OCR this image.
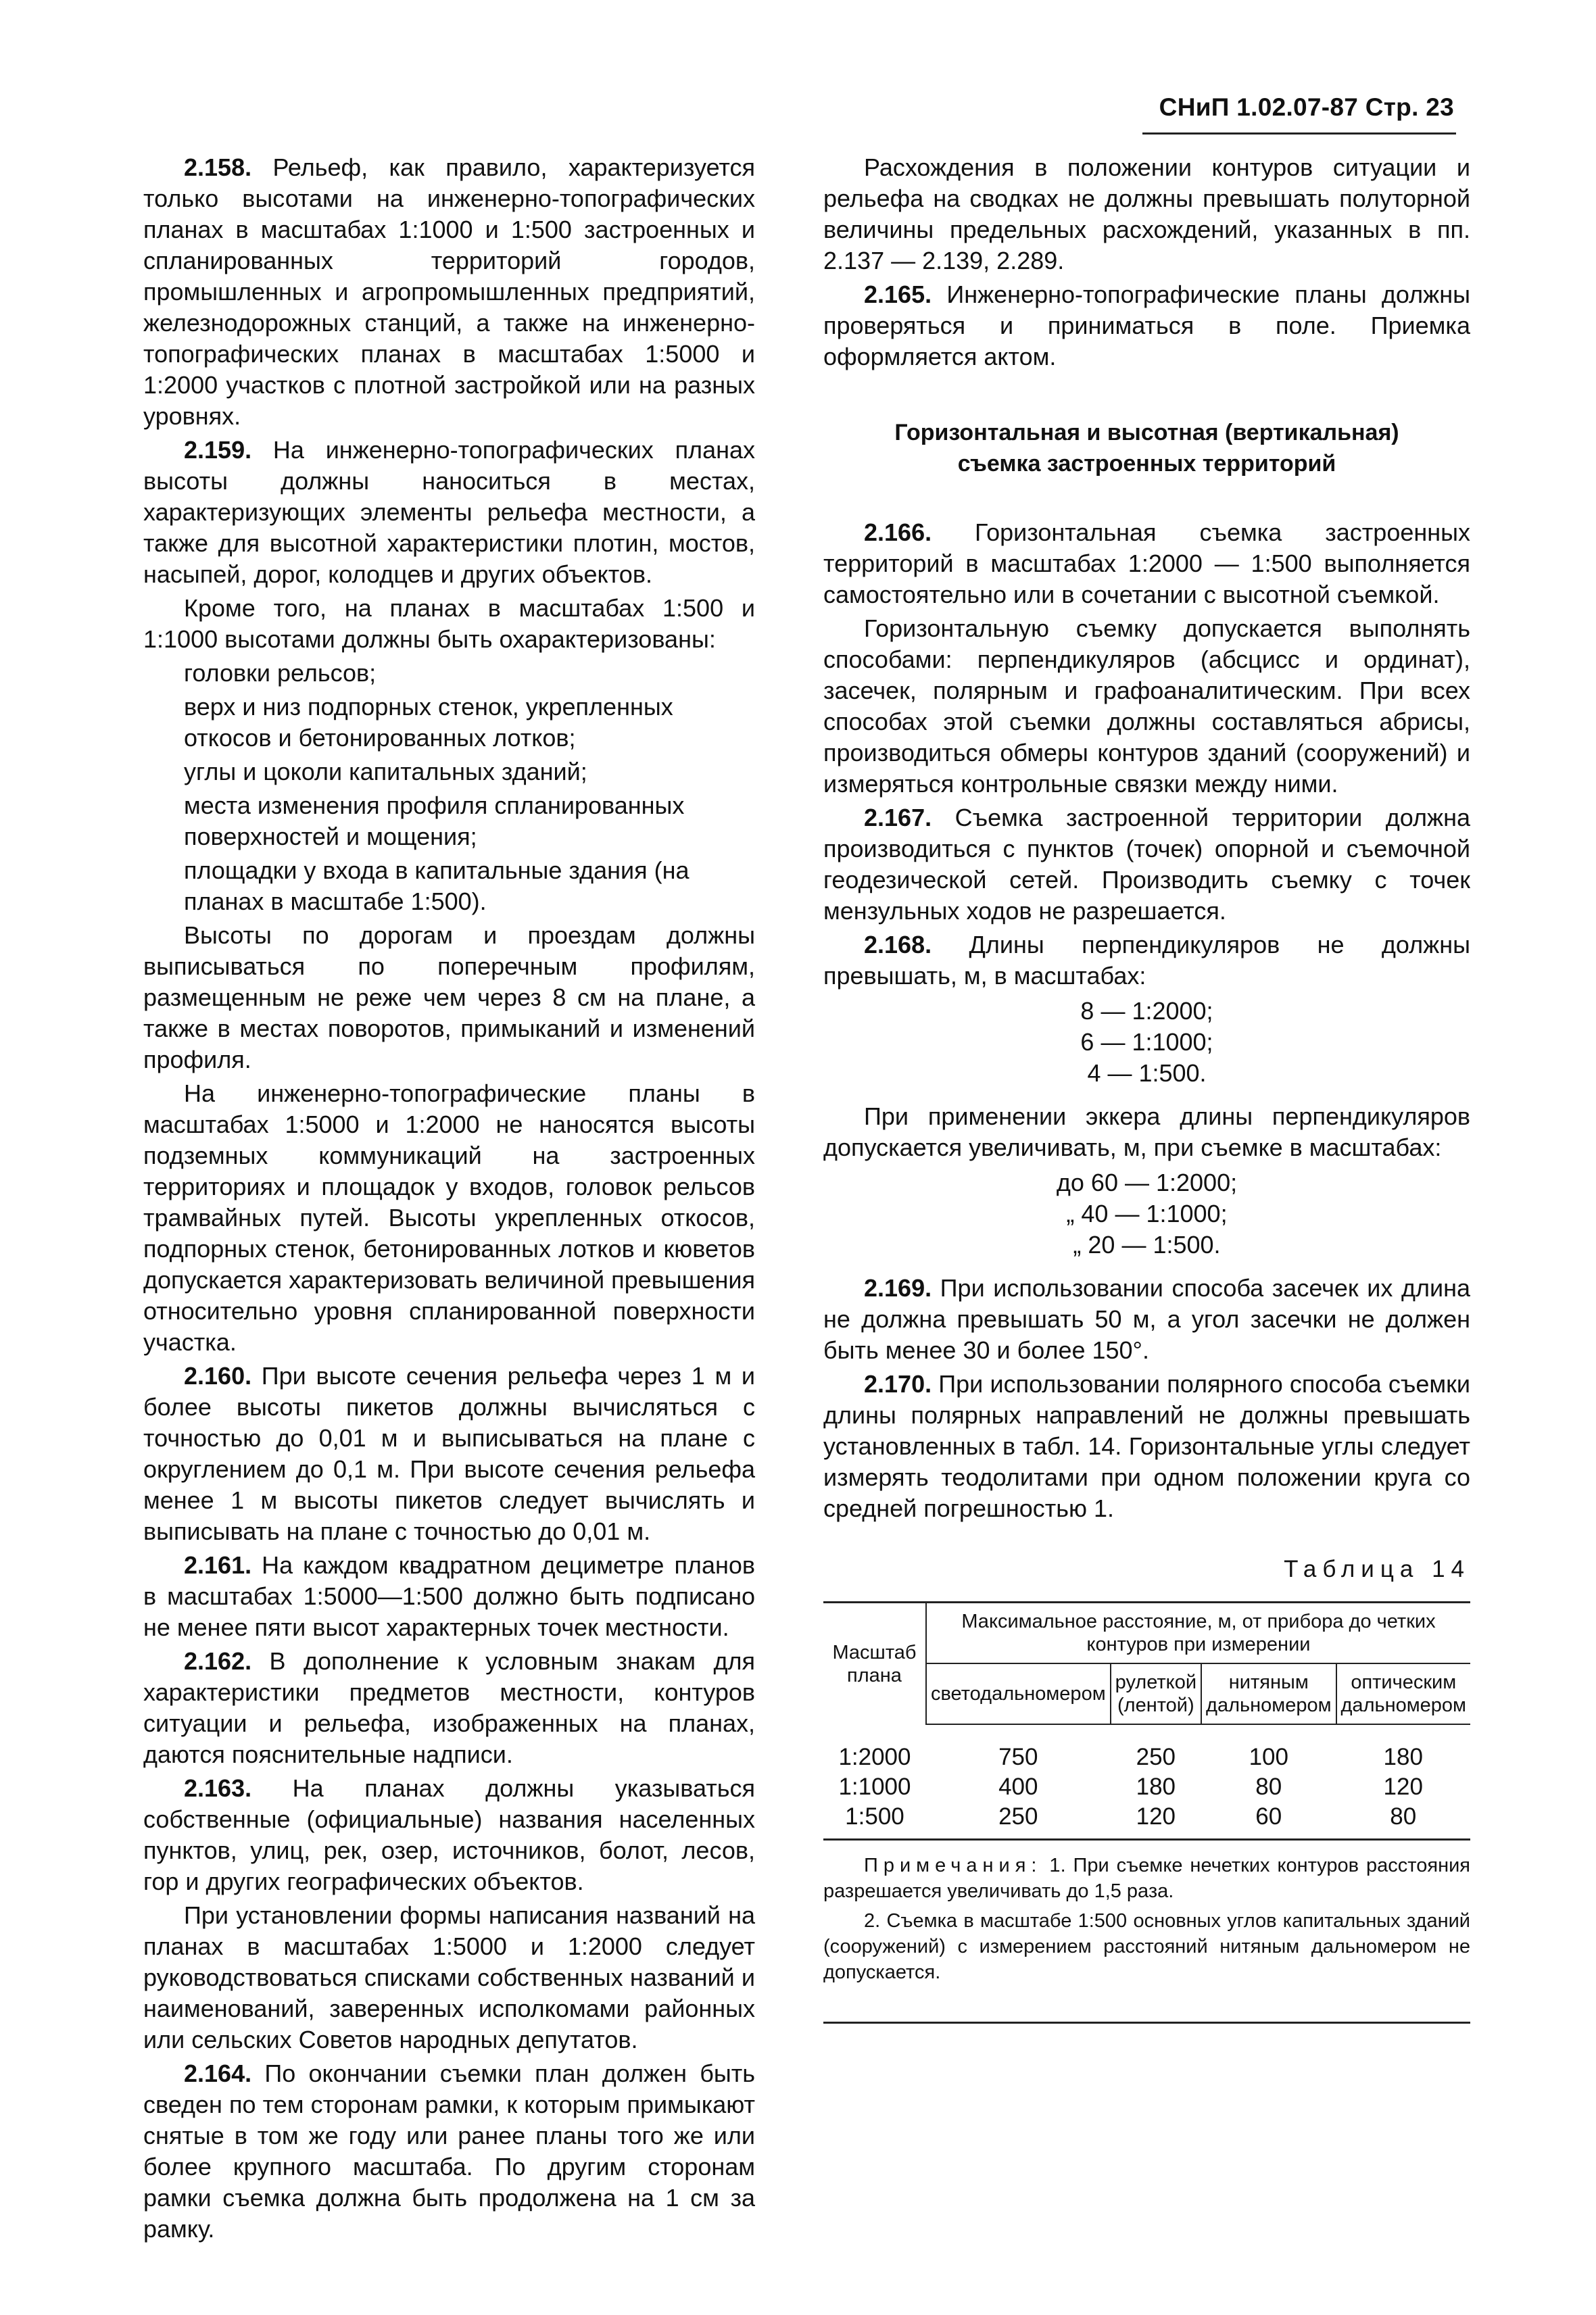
СНиП 1.02.07-87 Стр. 23

2.158. Рельеф, как правило, характеризуется только высотами на инженерно-топографических планах в масштабах 1:1000 и 1:500 застроенных и спланированных территорий городов, промышленных и агропромышленных предприятий, железнодорожных станций, а также на инженерно-топографических планах в масштабах 1:5000 и 1:2000 участков с плотной застройкой или на разных уровнях.

2.159. На инженерно-топографических планах высоты должны наноситься в местах, характеризующих элементы рельефа местности, а также для высотной характеристики плотин, мостов, насыпей, дорог, колодцев и других объектов.

Кроме того, на планах в масштабах 1:500 и 1:1000 высотами должны быть охарактеризованы:

головки рельсов;

верх и низ подпорных стенок, укрепленных откосов и бетонированных лотков;

углы и цоколи капитальных зданий;

места изменения профиля спланированных поверхностей и мощения;

площадки у входа в капитальные здания (на планах в масштабе 1:500).

Высоты по дорогам и проездам должны выписываться по поперечным профилям, размещенным не реже чем через 8 см на плане, а также в местах поворотов, примыканий и изменений профиля.

На инженерно-топографические планы в масштабах 1:5000 и 1:2000 не наносятся высоты подземных коммуникаций на застроенных территориях и площадок у входов, головок рельсов трамвайных путей. Высоты укрепленных откосов, подпорных стенок, бетонированных лотков и кюветов допускается характеризовать величиной превышения относительно уровня спланированной поверхности участка.

2.160. При высоте сечения рельефа через 1 м и более высоты пикетов должны вычисляться с точностью до 0,01 м и выписываться на плане с округлением до 0,1 м. При высоте сечения рельефа менее 1 м высоты пикетов следует вычислять и выписывать на плане с точностью до 0,01 м.

2.161. На каждом квадратном дециметре планов в масштабах 1:5000—1:500 должно быть подписано не менее пяти высот характерных точек местности.

2.162. В дополнение к условным знакам для характеристики предметов местности, контуров ситуации и рельефа, изображенных на планах, даются пояснительные надписи.

2.163. На планах должны указываться собственные (официальные) названия населенных пунктов, улиц, рек, озер, источников, болот, лесов, гор и других географических объектов.

При установлении формы написания названий на планах в масштабах 1:5000 и 1:2000 следует руководствоваться списками собственных названий и наименований, заверенных исполкомами районных или сельских Советов народных депутатов.

2.164. По окончании съемки план должен быть сведен по тем сторонам рамки, к которым примыкают снятые в том же году или ранее планы того же или более крупного масштаба. По другим сторонам рамки съемка должна быть продолжена на 1 см за рамку.

Расхождения в положении контуров ситуации и рельефа на сводках не должны превышать полуторной величины предельных расхождений, указанных в пп. 2.137 — 2.139, 2.289.

2.165. Инженерно-топографические планы должны проверяться и приниматься в поле. Приемка оформляется актом.

Горизонтальная и высотная (вертикальная)
съемка застроенных территорий

2.166. Горизонтальная съемка застроенных территорий в масштабах 1:2000 — 1:500 выполняется самостоятельно или в сочетании с высотной съемкой.

Горизонтальную съемку допускается выполнять способами: перпендикуляров (абсцисс и ординат), засечек, полярным и графоаналитическим. При всех способах этой съемки должны составляться абрисы, производиться обмеры контуров зданий (сооружений) и измеряться контрольные связки между ними.

2.167. Съемка застроенной территории должна производиться с пунктов (точек) опорной и съемочной геодезической сетей. Производить съемку с точек мензульных ходов не разрешается.

2.168. Длины перпендикуляров не должны превышать, м, в масштабах:

8 — 1:2000;
6 — 1:1000;
4 — 1:500.

При применении эккера длины перпендикуляров допускается увеличивать, м, при съемке в масштабах:

до 60 — 1:2000;
„ 40 — 1:1000;
„ 20 — 1:500.

2.169. При использовании способа засечек их длина не должна превышать 50 м, а угол засечки не должен быть менее 30 и более 150°.

2.170. При использовании полярного способа съемки длины полярных направлений не должны превышать установленных в табл. 14. Горизонтальные углы следует измерять теодолитами при одном положении круга со средней погрешностью 1.

Таблица 14
Масштаб плана	Максимальное расстояние, м, от прибора до четких контуров при измерении			
	светодальномером	рулеткой (лентой)	нитяным дальномером	оптическим дальномером
1:2000	750	250	100	180
1:1000	400	180	80	120
1:500	250	120	60	80

Примечания: 1. При съемке нечетких контуров расстояния разрешается увеличивать до 1,5 раза.

2. Съемка в масштабе 1:500 основных углов капитальных зданий (сооружений) с измерением расстояний нитяным дальномером не допускается.
